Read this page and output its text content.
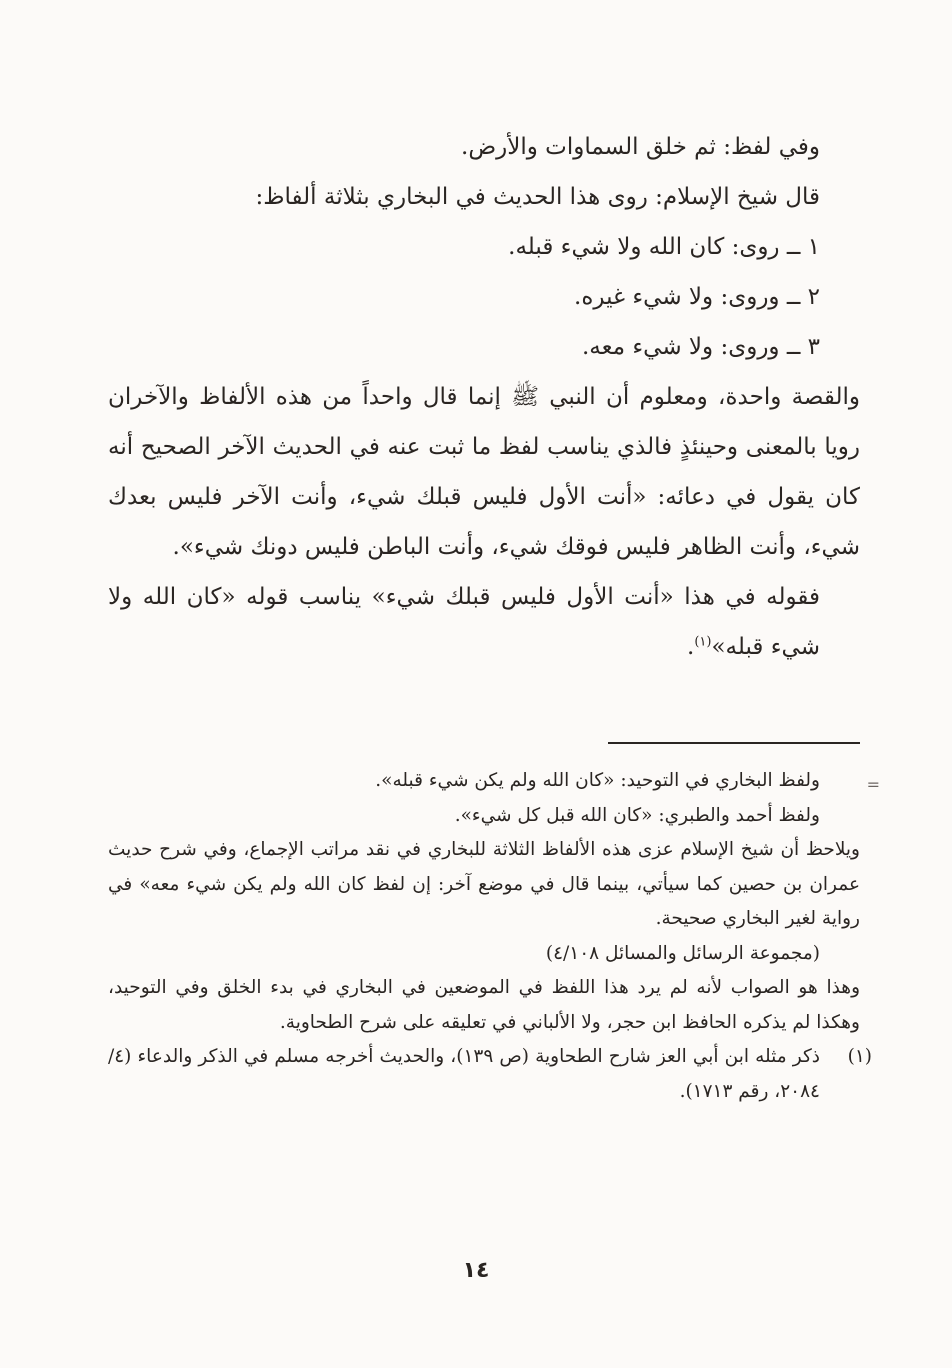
وفي لفظ: ثم خلق السماوات والأرض.

قال شيخ الإسلام: روى هذا الحديث في البخاري بثلاثة ألفاظ:

١ ــ روى: كان الله ولا شيء قبله.

٢ ــ وروى: ولا شيء غيره.

٣ ــ وروى: ولا شيء معه.

والقصة واحدة، ومعلوم أن النبي ﷺ إنما قال واحداً من هذه الألفاظ والآخران رويا بالمعنى وحينئذٍ فالذي يناسب لفظ ما ثبت عنه في الحديث الآخر الصحيح أنه كان يقول في دعائه: «أنت الأول فليس قبلك شيء، وأنت الآخر فليس بعدك شيء، وأنت الظاهر فليس فوقك شيء، وأنت الباطن فليس دونك شيء».

فقوله في هذا «أنت الأول فليس قبلك شيء» يناسب قوله «كان الله ولا شيء قبله»$^{(١)}$.

=
ولفظ البخاري في التوحيد: «كان الله ولم يكن شيء قبله».

ولفظ أحمد والطبري: «كان الله قبل كل شيء».

ويلاحظ أن شيخ الإسلام عزى هذه الألفاظ الثلاثة للبخاري في نقد مراتب الإجماع، وفي شرح حديث عمران بن حصين كما سيأتي، بينما قال في موضع آخر: إن لفظ كان الله ولم يكن شيء معه» في رواية لغير البخاري صحيحة.

(مجموعة الرسائل والمسائل ٤/١٠٨)

وهذا هو الصواب لأنه لم يرد هذا اللفظ في الموضعين في البخاري في بدء الخلق وفي التوحيد، وهكذا لم يذكره الحافظ ابن حجر، ولا الألباني في تعليقه على شرح الطحاوية.

(١)
ذكر مثله ابن أبي العز شارح الطحاوية (ص ١٣٩)، والحديث أخرجه مسلم في الذكر والدعاء (٤/ ٢٠٨٤، رقم ١٧١٣).

١٤
